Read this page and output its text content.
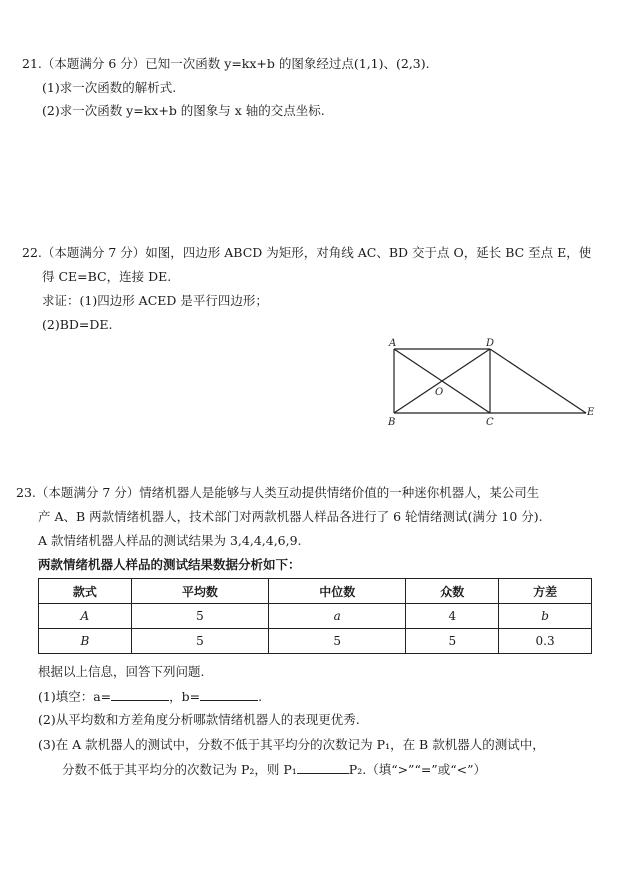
21.（本题满分 6 分）已知一次函数 y=kx+b 的图象经过点(1,1)、(2,3).
(1)求一次函数的解析式.
(2)求一次函数 y=kx+b 的图象与 x 轴的交点坐标.
22.（本题满分 7 分）如图，四边形 ABCD 为矩形，对角线 AC、BD 交于点 O，延长 BC 至点 E，使
得 CE=BC，连接 DE.
求证：(1)四边形 ACED 是平行四边形；
(2)BD=DE.
A	D
O
B	C
E
23.（本题满分 7 分）情绪机器人是能够与人类互动提供情绪价值的一种迷你机器人，某公司生
产 A、B 两款情绪机器人，技术部门对两款机器人样品各进行了 6 轮情绪测试(满分 10 分).
A 款情绪机器人样品的测试结果为 3,4,4,4,6,9.
两款情绪机器人样品的测试结果数据分析如下：
款式	平均数	中位数	众数	方差
A	5	a	4	b
B	5	5	5	0.3
根据以上信息，回答下列问题.
(1)填空：a=	，b=	.
(2)从平均数和方差角度分析哪款情绪机器人的表现更优秀.
(3)在 A 款机器人的测试中，分数不低于其平均分的次数记为 P₁，在 B 款机器人的测试中，
分数不低于其平均分的次数记为 P₂，则 P₁	P₂.（填“>”“=”或“<”）
